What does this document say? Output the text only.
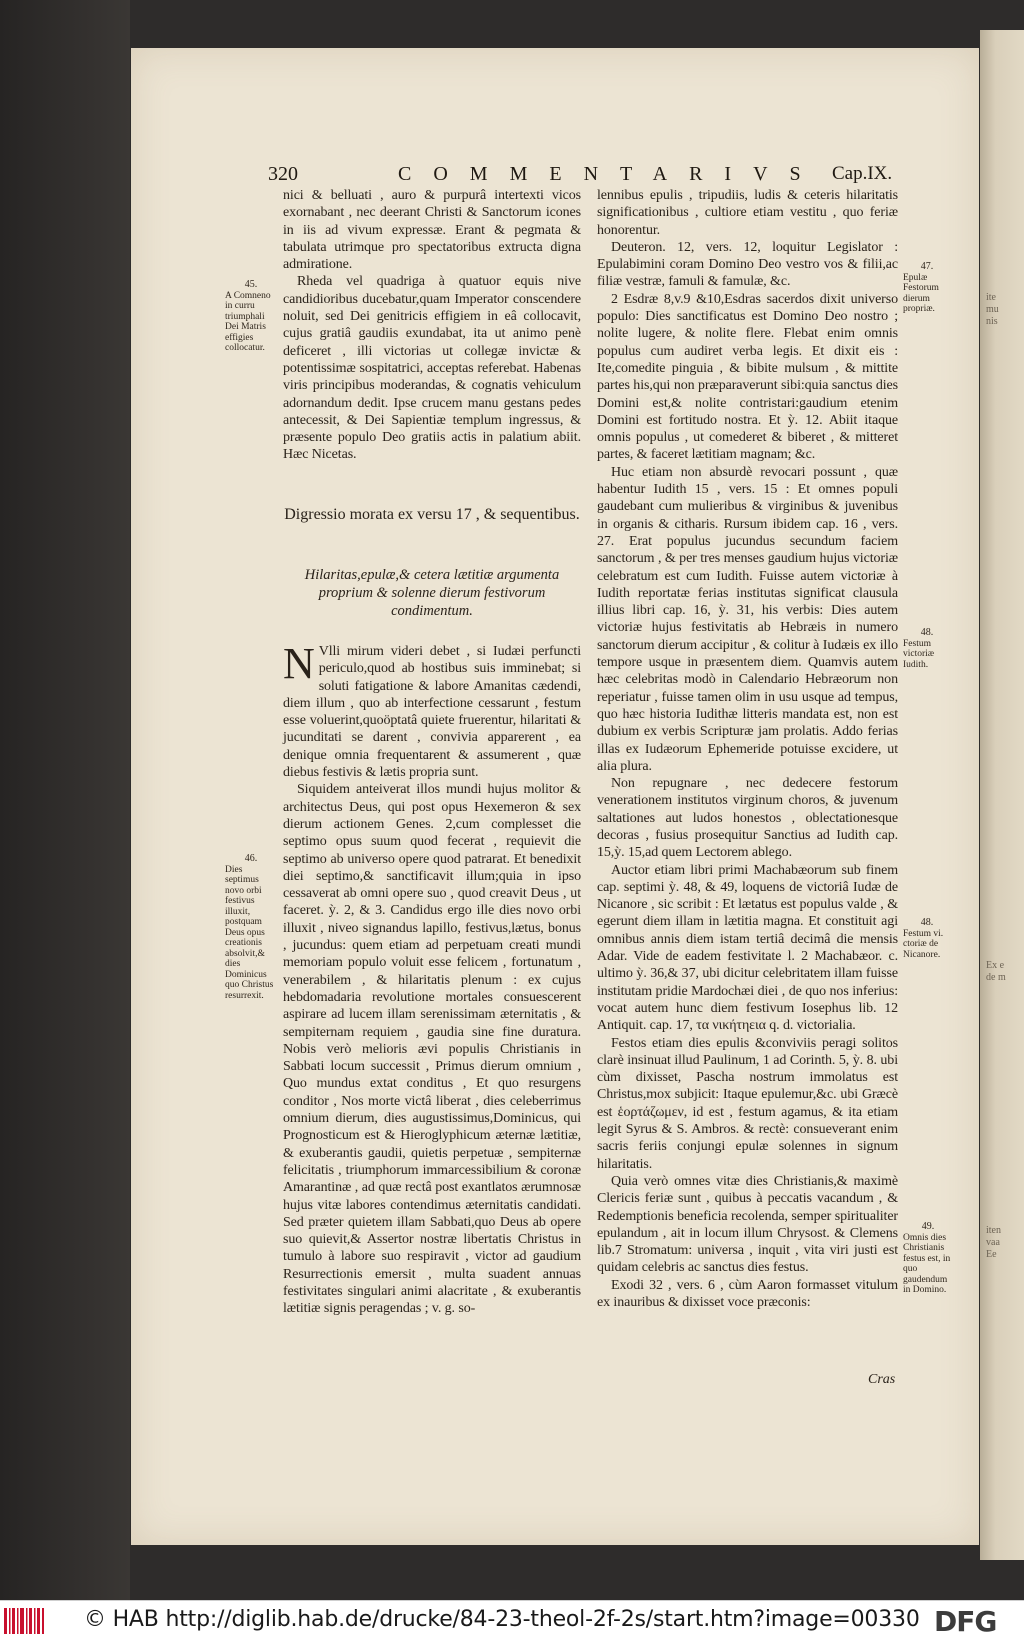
ite
mu
nis
Ex e
de m
iten
vaa
Ee
320	COMMENTARIVS Cap.IX.

nici & belluati , auro & purpurâ intertexti vicos exornabant , nec deerant Christi & Sanctorum icones in iis ad vivum expressæ. Erant & pegmata & tabulata utrimque pro spectatoribus extructa digna admiratione.

Rheda vel quadriga à quatuor equis nive candidioribus ducebatur,quam Imperator conscendere noluit, sed Dei genitricis effigiem in eâ collocavit, cujus gratiâ gaudiis exundabat, ita ut animo penè deficeret , illi victorias ut collegæ invictæ & potentissimæ sospitatrici, acceptas referebat. Habenas viris principibus moderandas, & cognatis vehiculum adornandum dedit. Ipse crucem manu gestans pedes antecessit, & Dei Sapientiæ templum ingressus, & præsente populo Deo gratiis actis in palatium abiit. Hæc Nicetas.

Digressio morata ex versu 17 , & sequentibus.
Hilaritas,epulæ,& cetera lætitiæ argumenta proprium & solenne dierum festivorum condimentum.

N Vlli mirum videri debet , si Iudæi perfuncti periculo,quod ab hostibus suis imminebat; si soluti fatigatione & labore Amanitas cædendi, diem illum , quo ab interfectione cessarunt , festum esse voluerint,quoöptatâ quiete fruerentur, hilaritati & jucunditati se darent , convivia apparerent , ea denique omnia frequentarent & assumerent , quæ diebus festivis & lætis propria sunt.

Siquidem anteiverat illos mundi hujus molitor & architectus Deus, qui post opus Hexemeron & sex dierum actionem Genes. 2,cum complesset die septimo opus suum quod fecerat , requievit die septimo ab universo opere quod patrarat. Et benedixit diei septimo,& sanctificavit illum;quia in ipso cessaverat ab omni opere suo , quod creavit Deus , ut faceret. ỳ. 2, & 3. Candidus ergo ille dies novo orbi illuxit , niveo signandus lapillo, festivus,lætus, bonus , jucundus: quem etiam ad perpetuam creati mundi memoriam populo voluit esse felicem , fortunatum , venerabilem , & hilaritatis plenum : ex cujus hebdomadaria revolutione mortales consuescerent aspirare ad lucem illam serenissimam æternitatis , & sempiternam requiem , gaudia sine fine duratura. Nobis verò melioris ævi populis Christianis in Sabbati locum successit , Primus dierum omnium , Quo mundus extat conditus , Et quo resurgens conditor , Nos morte victâ liberat , dies celeberrimus omnium dierum, dies augustissimus,Dominicus, qui Prognosticum est & Hieroglyphicum æternæ lætitiæ, & exuberantis gaudii, quietis perpetuæ , sempiternæ felicitatis , triumphorum immarcessibilium & coronæ Amarantinæ , ad quæ rectâ post exantlatos ærumnosæ hujus vitæ labores contendimus æternitatis candidati. Sed præter quietem illam Sabbati,quo Deus ab opere suo quievit,& Assertor nostræ libertatis Christus in tumulo à labore suo respiravit , victor ad gaudium Resurrectionis emersit , multa suadent annuas festivitates singulari animi alacritate , & exuberantis lætitiæ signis peragendas ; v. g. so-

lennibus epulis , tripudiis, ludis & ceteris hilaritatis significationibus , cultiore etiam vestitu , quo feriæ honorentur.

Deuteron. 12, vers. 12, loquitur Legislator : Epulabimini coram Domino Deo vestro vos & filii,ac filiæ vestræ, famuli & famulæ, &c.

2 Esdræ 8,v.9 &10,Esdras sacerdos dixit universo populo: Dies sanctificatus est Domino Deo nostro ; nolite lugere, & nolite flere. Flebat enim omnis populus cum audiret verba legis. Et dixit eis : Ite,comedite pinguia , & bibite mulsum , & mittite partes his,qui non præparaverunt sibi:quia sanctus dies Domini est,& nolite contristari:gaudium etenim Domini est fortitudo nostra. Et ỳ. 12. Abiit itaque omnis populus , ut comederet & biberet , & mitteret partes, & faceret lætitiam magnam; &c.

Huc etiam non absurdè revocari possunt , quæ habentur Iudith 15 , vers. 15 : Et omnes populi gaudebant cum mulieribus & virginibus & juvenibus in organis & citharis. Rursum ibidem cap. 16 , vers. 27. Erat populus jucundus secundum faciem sanctorum , & per tres menses gaudium hujus victoriæ celebratum est cum Iudith. Fuisse autem victoriæ à Iudith reportatæ ferias institutas significat clausula illius libri cap. 16, ỳ. 31, his verbis: Dies autem victoriæ hujus festivitatis ab Hebræis in numero sanctorum dierum accipitur , & colitur à Iudæis ex illo tempore usque in præsentem diem. Quamvis autem hæc celebritas modò in Calendario Hebræorum non reperiatur , fuisse tamen olim in usu usque ad tempus, quo hæc historia Iudithæ litteris mandata est, non est dubium ex verbis Scripturæ jam prolatis. Addo ferias illas ex Iudæorum Ephemeride potuisse excidere, ut alia plura.

Non repugnare , nec dedecere festorum venerationem institutos virginum choros, & juvenum saltationes aut ludos honestos , oblectationesque decoras , fusius prosequitur Sanctius ad Iudith cap. 15,ỳ. 15,ad quem Lectorem ablego.

Auctor etiam libri primi Machabæorum sub finem cap. septimi ỳ. 48, & 49, loquens de victoriâ Iudæ de Nicanore , sic scribit : Et lætatus est populus valde , & egerunt diem illam in lætitia magna. Et constituit agi omnibus annis diem istam tertiâ decimâ die mensis Adar. Vide de eadem festivitate l. 2 Machabæor. c. ultimo ỳ. 36,& 37, ubi dicitur celebritatem illam fuisse institutam pridie Mardochæi diei , de quo nos inferius: vocat autem hunc diem festivum Iosephus lib. 12 Antiquit. cap. 17, τα νικήτηεια q. d. victorialia.

Festos etiam dies epulis &conviviis peragi solitos clarè insinuat illud Paulinum, 1 ad Corinth. 5, ỳ. 8. ubi cùm dixisset, Pascha nostrum immolatus est Christus,mox subjicit: Itaque epulemur,&c. ubi Græcè est ἑορτάζωμεν, id est , festum agamus, & ita etiam legit Syrus & S. Ambros. & rectè: consueverant enim sacris feriis conjungi epulæ solennes in signum hilaritatis.

Quia verò omnes vitæ dies Christianis,& maximè Clericis feriæ sunt , quibus à peccatis vacandum , & Redemptionis beneficia recolenda, semper spiritualiter epulandum , ait in locum illum Chrysost. & Clemens lib.7 Stromatum: universa , inquit , vita viri justi est quidam celebris ac sanctus dies festus.

Exodi 32 , vers. 6 , cùm Aaron formasset vitulum ex inauribus & dixisset voce præconis:

Cras
45.
A Comneno in curru triumphali Dei Matris effigies collocatur.
46.
Dies septimus novo orbi festivus illuxit, postquam Deus opus creationis absolvit,& dies Dominicus quo Christus resurrexit.
47.
Epulæ Festorum dierum propriæ.
48.
Festum victoriæ Iudith.
48.
Festum vi. ctoriæ de Nicanore.
49.
Omnis dies Christianis festus est, in quo gaudendum in Domino.
© HAB http://diglib.hab.de/drucke/84-23-theol-2f-2s/start.htm?image=00330 DFG
